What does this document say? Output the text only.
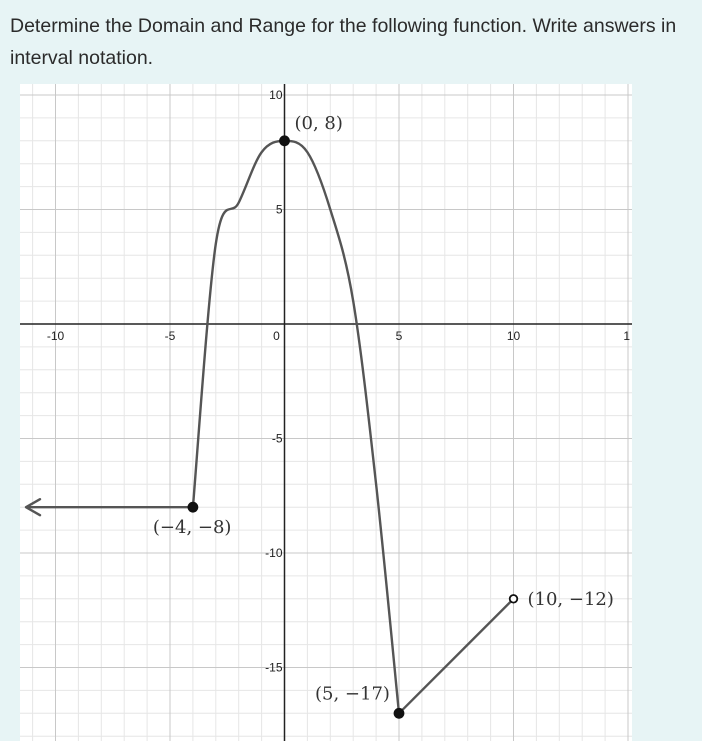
Determine the Domain and Range for the following function. Write answers in
interval notation.
-10	-5	0	5	10	1
10
5
-5
-10
-15
(−4, −8)
(0, 8)
(5, −17)
(10, −12)
